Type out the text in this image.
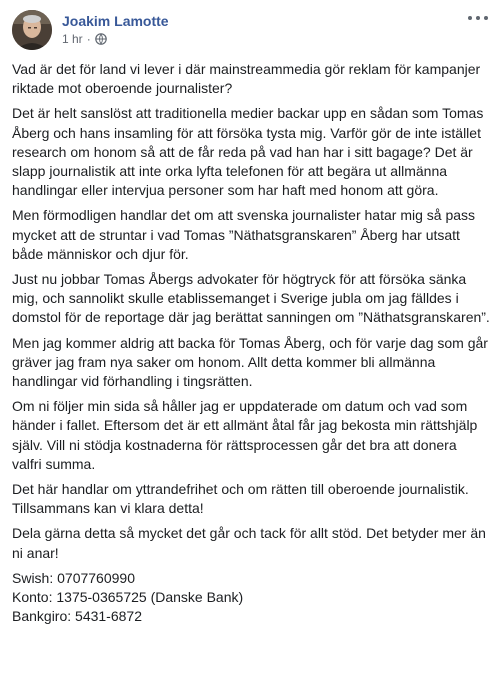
Joakim Lamotte
1 hr ·

Vad är det för land vi lever i där mainstreammedia gör reklam för kampanjer riktade mot oberoende journalister?

Det är helt sanslöst att traditionella medier backar upp en sådan som Tomas Åberg och hans insamling för att försöka tysta mig. Varför gör de inte istället research om honom så att de får reda på vad han har i sitt bagage? Det är slapp journalistik att inte orka lyfta telefonen för att begära ut allmänna handlingar eller intervjua personer som har haft med honom att göra.

Men förmodligen handlar det om att svenska journalister hatar mig så pass mycket att de struntar i vad Tomas ”Näthatsgranskaren” Åberg har utsatt både människor och djur för.

Just nu jobbar Tomas Åbergs advokater för högtryck för att försöka sänka mig, och sannolikt skulle etablissemanget i Sverige jubla om jag fälldes i domstol för de reportage där jag berättat sanningen om ”Näthatsgranskaren”.

Men jag kommer aldrig att backa för Tomas Åberg, och för varje dag som går gräver jag fram nya saker om honom. Allt detta kommer bli allmänna handlingar vid förhandling i tingsrätten.

Om ni följer min sida så håller jag er uppdaterade om datum och vad som händer i fallet. Eftersom det är ett allmänt åtal får jag bekosta min rättshjälp själv. Vill ni stödja kostnaderna för rättsprocessen går det bra att donera valfri summa.

Det här handlar om yttrandefrihet och om rätten till oberoende journalistik. Tillsammans kan vi klara detta!

Dela gärna detta så mycket det går och tack för allt stöd. Det betyder mer än ni anar!

Swish: 0707760990

Konto: 1375-0365725 (Danske Bank)

Bankgiro: 5431-6872
